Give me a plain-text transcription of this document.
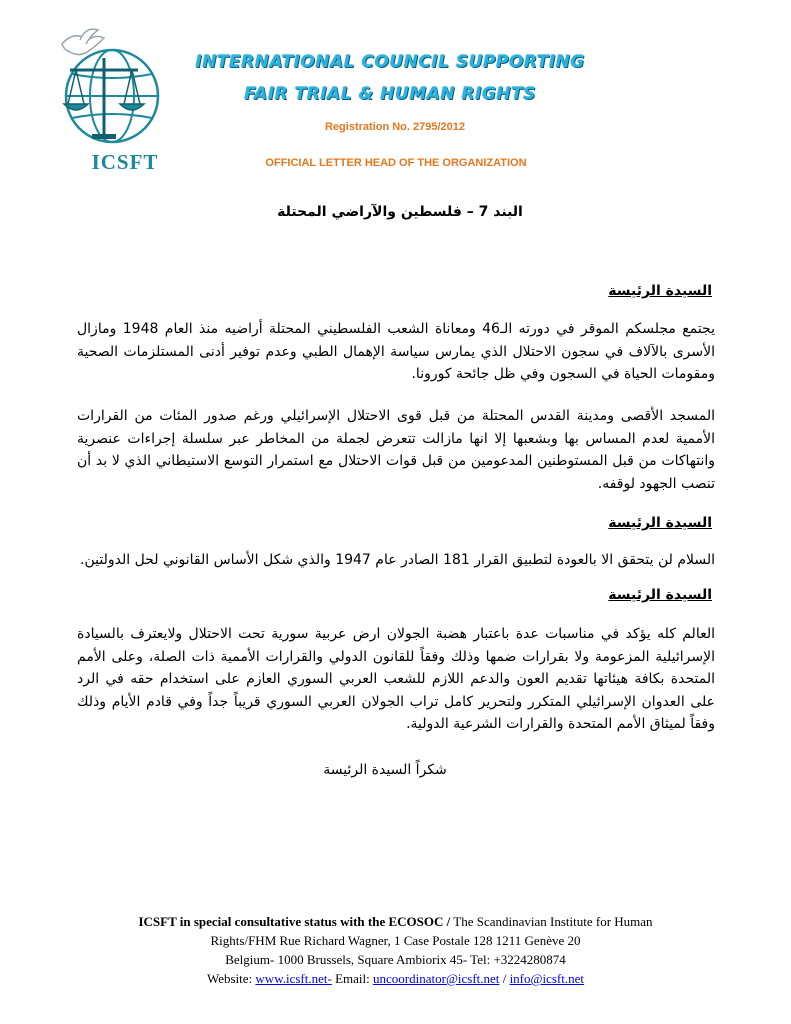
ICSFT
INTERNATIONAL COUNCIL SUPPORTING
FAIR TRIAL & HUMAN RIGHTS
Registration No. 2795/2012
OFFICIAL LETTER HEAD OF THE ORGANIZATION
البند 7 – فلسطين والآراضي المحتلة
السيدة الرئيسة
يجتمع مجلسكم الموقر في دورته الـ46 ومعاناة الشعب الفلسطيني المحتلة أراضيه منذ العام 1948 ومازال الأسرى بالآلاف في سجون الاحتلال الذي يمارس سياسة الإهمال الطبي وعدم توفير أدنى المستلزمات الصحية ومقومات الحياة في السجون وفي ظل جائحة كورونا.
المسجد الأقصى ومدينة القدس المحتلة من قبل قوى الاحتلال الإسرائيلي ورغم صدور المئات من القرارات الأممية لعدم المساس بها وبشعبها إلا انها مازالت تتعرض لجملة من المخاطر عبر سلسلة إجراءات عنصرية وانتهاكات من قبل المستوطنين المدعومين من قبل قوات الاحتلال مع استمرار التوسع الاستيطاني الذي لا بد أن تنصب الجهود لوقفه.
السيدة الرئيسة
السلام لن يتحقق الا بالعودة لتطبيق القرار 181 الصادر عام 1947 والذي شكل الأساس القانوني لحل الدولتين.
السيدة الرئيسة
العالم كله يؤكد في مناسبات عدة باعتبار هضبة الجولان ارض عربية سورية تحت الاحتلال ولايعترف بالسيادة الإسرائيلية المزعومة ولا بقرارات ضمها وذلك وفقاً للقانون الدولي والقرارات الأممية ذات الصلة، وعلى الأمم المتحدة بكافة هيئاتها تقديم العون والدعم اللازم للشعب العربي السوري العازم على استخدام حقه في الرد على العدوان الإسرائيلي المتكرر ولتحرير كامل تراب الجولان العربي السوري قريباً جداً وفي قادم الأيام وذلك وفقاً لميثاق الأمم المتحدة والقرارات الشرعية الدولية.
شكراً السيدة الرئيسة
ICSFT in special consultative status with the ECOSOC / The Scandinavian Institute for Human
Rights/FHM Rue Richard Wagner, 1 Case Postale 128 1211 Genève 20
Belgium- 1000 Brussels, Square Ambiorix 45- Tel: +3224280874
Website: www.icsft.net- Email: uncoordinator@icsft.net / info@icsft.net
